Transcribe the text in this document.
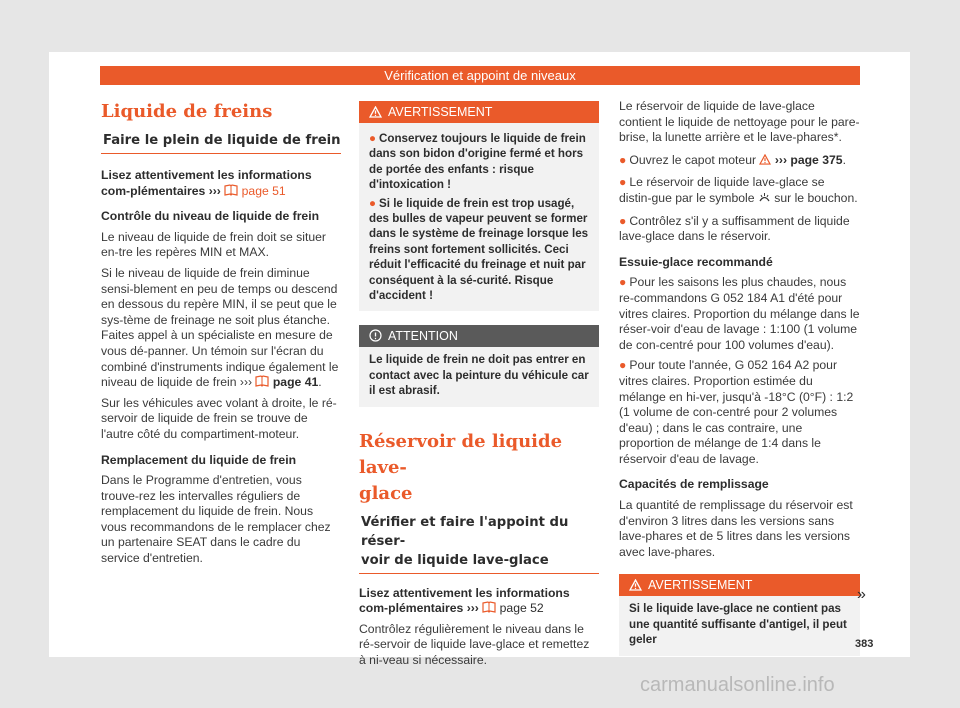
Vérification et appoint de niveaux
Liquide de freins
Faire le plein de liquide de frein

Lisez attentivement les informations com-plémentaires ››› page 51

Contrôle du niveau de liquide de frein

Le niveau de liquide de frein doit se situer en-tre les repères MIN et MAX.

Si le niveau de liquide de frein diminue sensi-blement en peu de temps ou descend en dessous du repère MIN, il se peut que le sys-tème de freinage ne soit plus étanche. Faites appel à un spécialiste en mesure de vous dé-panner. Un témoin sur l'écran du combiné d'instruments indique également le niveau de liquide de frein ››› page 41.

Sur les véhicules avec volant à droite, le ré-servoir de liquide de frein se trouve de l'autre côté du compartiment-moteur.

Remplacement du liquide de frein

Dans le Programme d'entretien, vous trouve-rez les intervalles réguliers de remplacement du liquide de frein. Nous vous recommandons de le remplacer chez un partenaire SEAT dans le cadre du service d'entretien.

AVERTISSEMENT

● Conservez toujours le liquide de frein dans son bidon d'origine fermé et hors de portée des enfants : risque d'intoxication !

● Si le liquide de frein est trop usagé, des bulles de vapeur peuvent se former dans le système de freinage lorsque les freins sont fortement sollicités. Ceci réduit l'efficacité du freinage et nuit par conséquent à la sé-curité. Risque d'accident !

ATTENTION
Le liquide de frein ne doit pas entrer en contact avec la peinture du véhicule car il est abrasif.
Réservoir de liquide lave-
glace
Vérifier et faire l'appoint du réser-
voir de liquide lave-glace

Lisez attentivement les informations com-plémentaires ››› page 52

Contrôlez régulièrement le niveau dans le ré-servoir de liquide lave-glace et remettez à ni-veau si nécessaire.

Le réservoir de liquide de lave-glace contient le liquide de nettoyage pour le pare-brise, la lunette arrière et le lave-phares*.

● Ouvrez le capot moteur ››› page 375.

● Le réservoir de liquide lave-glace se distin-gue par le symbole sur le bouchon.

● Contrôlez s'il y a suffisamment de liquide lave-glace dans le réservoir.

Essuie-glace recommandé

● Pour les saisons les plus chaudes, nous re-commandons G 052 184 A1 d'été pour vitres claires. Proportion du mélange dans le réser-voir d'eau de lavage : 1:100 (1 volume de con-centré pour 100 volumes d'eau).

● Pour toute l'année, G 052 164 A2 pour vitres claires. Proportion estimée du mélange en hi-ver, jusqu'à -18°C (0°F) : 1:2 (1 volume de con-centré pour 2 volumes d'eau) ; dans le cas contraire, une proportion de mélange de 1:4 dans le réservoir d'eau de lavage.

Capacités de remplissage

La quantité de remplissage du réservoir est d'environ 3 litres dans les versions sans lave-phares et de 5 litres dans les versions avec lave-phares.

AVERTISSEMENT
Si le liquide lave-glace ne contient pas une quantité suffisante d'antigel, il peut geler
»
383
carmanualsonline.info
